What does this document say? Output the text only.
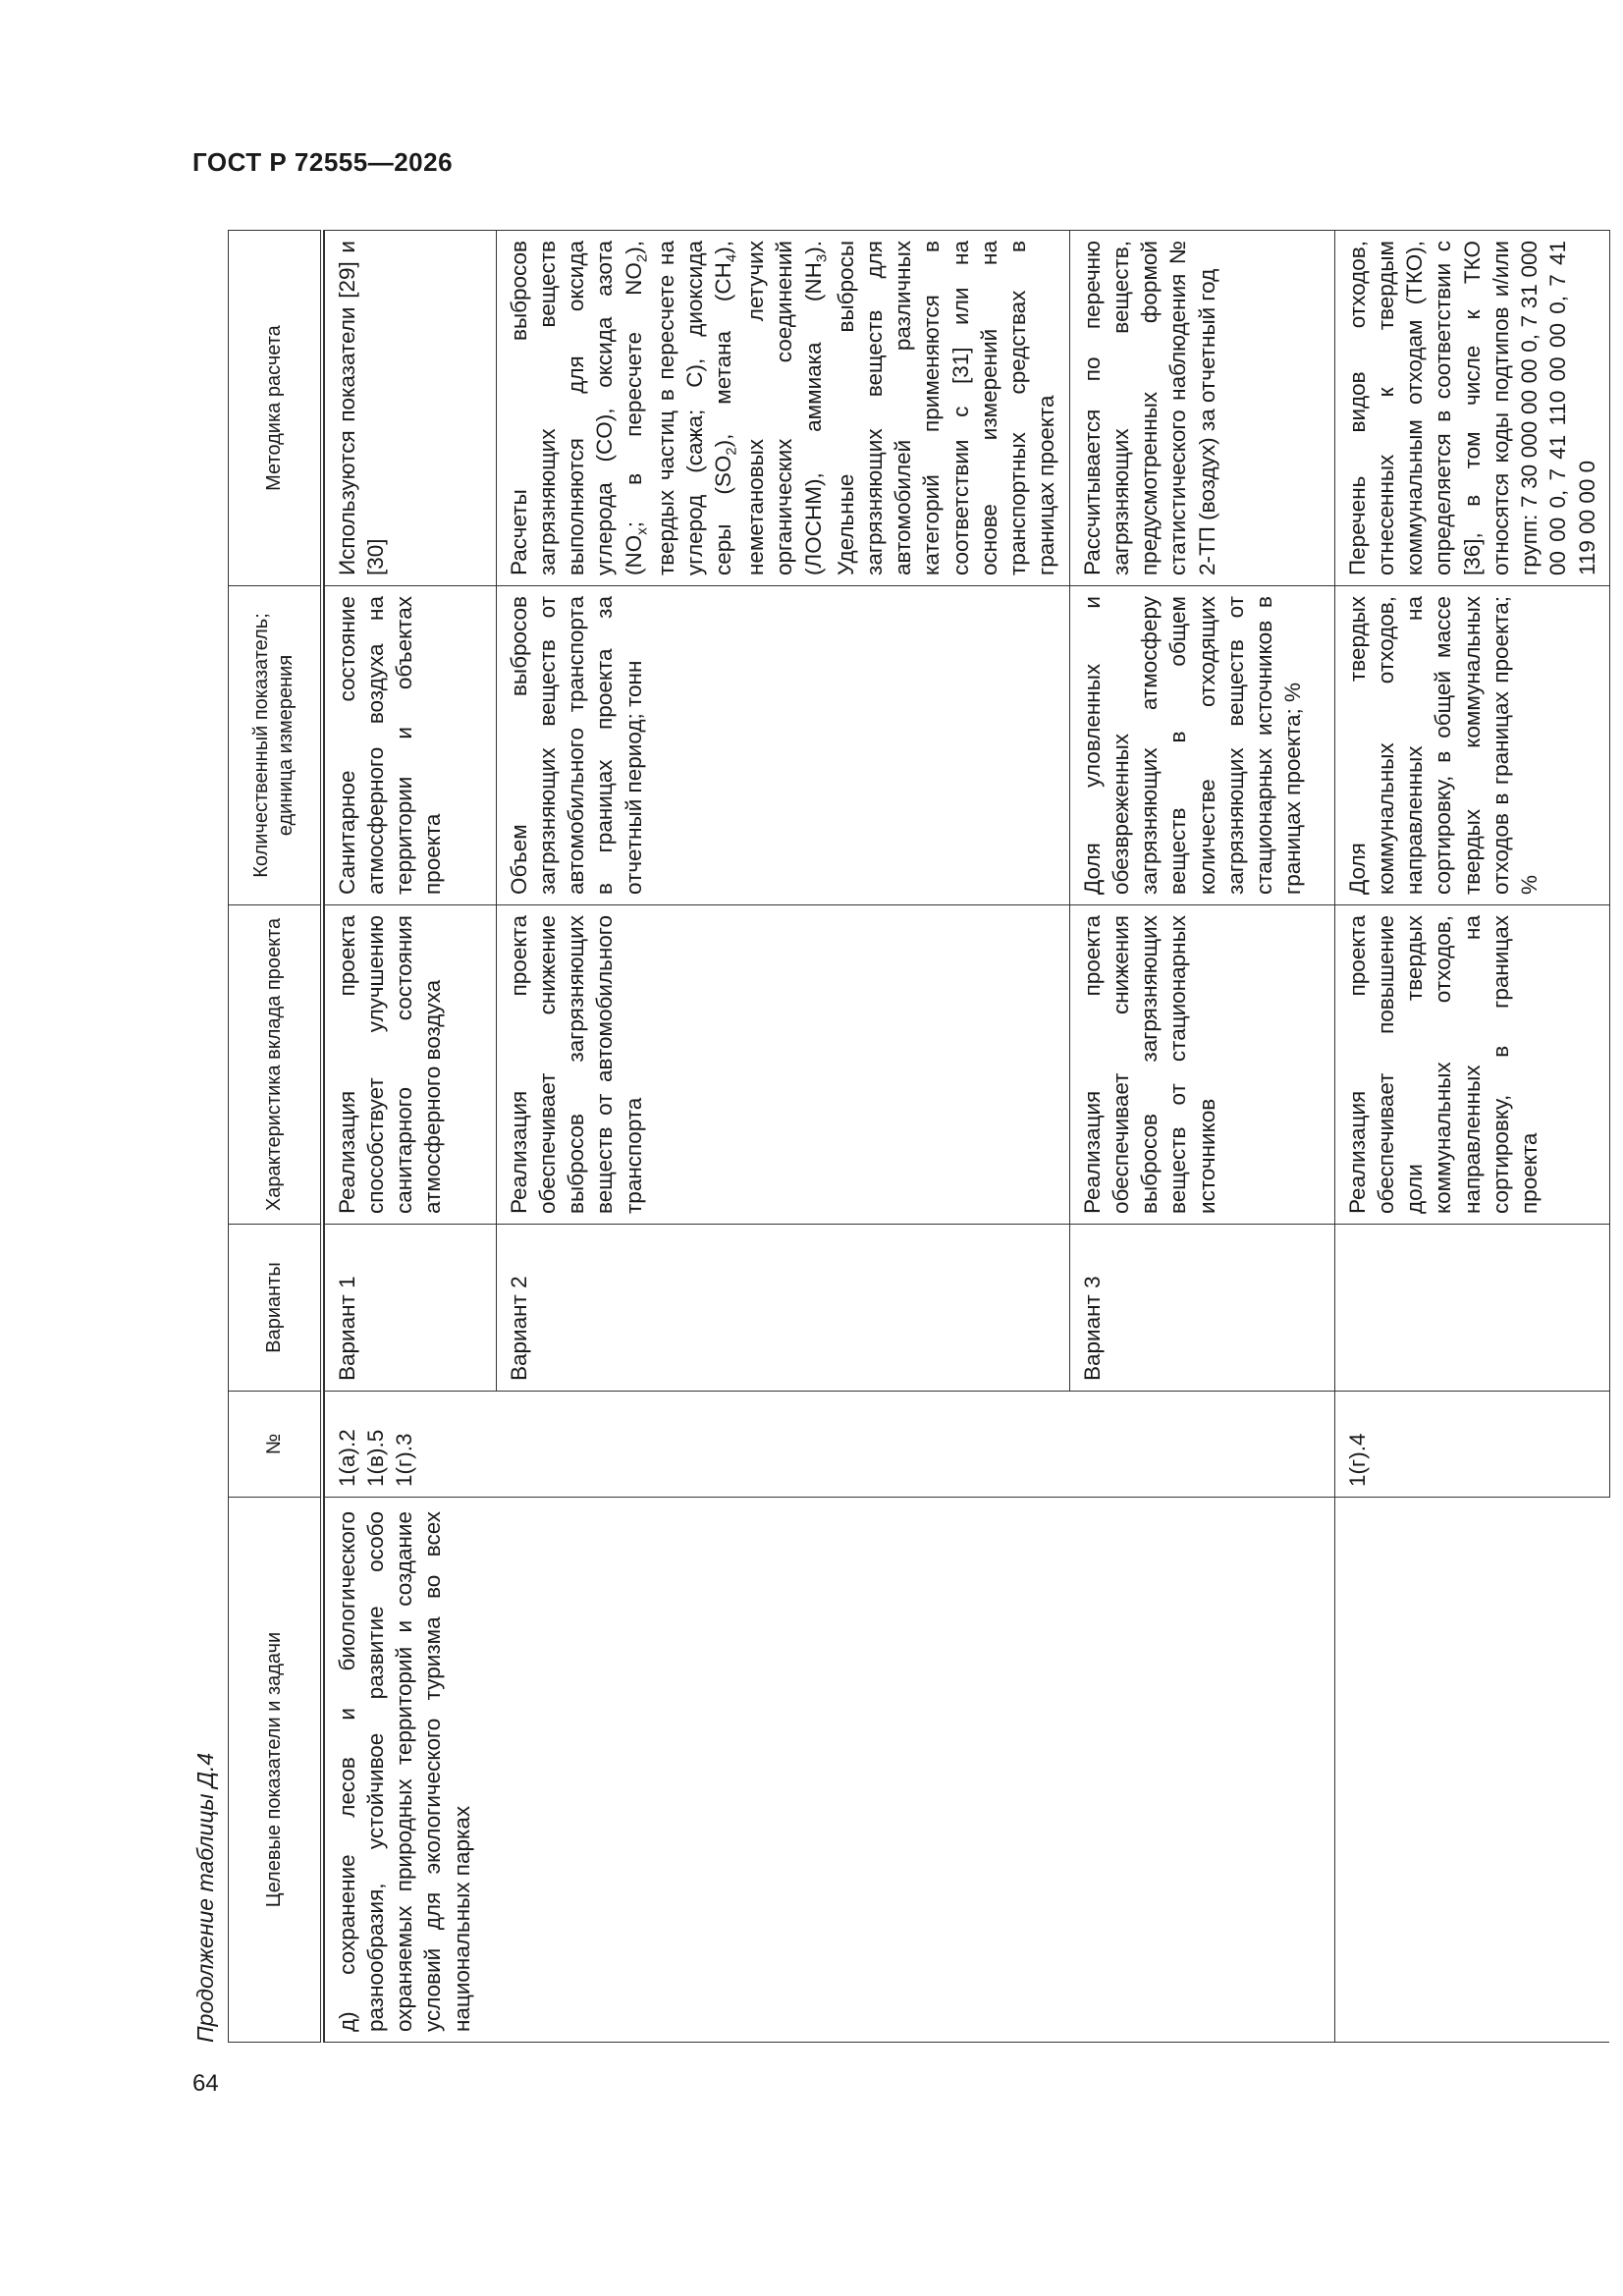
ГОСТ Р 72555—2026
64
Продолжение таблицы Д.4	Целевые показатели и задачи	№	Варианты	Характеристика вклада проекта	Количественный показатель; единица измерения	Методика расчета

д) сохранение лесов и биологического разнообразия, устойчивое развитие особо охраняемых природных территорий и создание условий для экологического туризма во всех национальных парках	1(а).2
1(в).5
1(г).3	Вариант 1	Реализация проекта способствует улучшению санитарного состояния атмосферного воздуха	Санитарное состояние атмосферного воздуха на территории и объектах проекта	Используются показатели [29] и [30]
		Вариант 2	Реализация проекта обеспечивает снижение выбросов загрязняющих веществ от автомобильного транспорта	Объем выбросов загрязняющих веществ от автомобильного транспорта в границах проекта за отчетный период; тонн	Расчеты выбросов загрязняющих веществ выполняются для оксида углерода (CO), оксида азота ($NO_x$; в пересчете $NO_2$), твердых частиц в пересчете на углерод (сажа; C), диоксида серы $(SO_2)$, метана $(CH_4)$, неметановых летучих органических соединений (ЛОСНМ), аммиака $(NH_3)$. Удельные выбросы загрязняющих веществ для автомобилей различных категорий применяются в соответствии с [31] или на основе измерений на транспортных средствах в границах проекта
		Вариант 3	Реализация проекта обеспечивает снижения выбросов загрязняющих веществ от стационарных источников	Доля уловленных и обезвреженных загрязняющих атмосферу веществ в общем количестве отходящих загрязняющих веществ от стационарных источников в границах проекта; %	Рассчитывается по перечню загрязняющих веществ, предусмотренных формой статистического наблюдения № 2-ТП (воздух) за отчетный год
	1(г).4		Реализация проекта обеспечивает повышение доли твердых коммунальных отходов, направленных на сортировку, в границах проекта	Доля твердых коммунальных отходов, направленных на сортировку, в общей массе твердых коммунальных отходов в границах проекта; %	Перечень видов отходов, отнесенных к твердым коммунальным отходам (ТКО), определяется в соответствии с [36], в том числе к ТКО относятся коды подтипов и/или групп: 7 30 000 00 00 0, 7 31 000 00 00 0, 7 41 110 00 00 0, 7 41 119 00 00 0
